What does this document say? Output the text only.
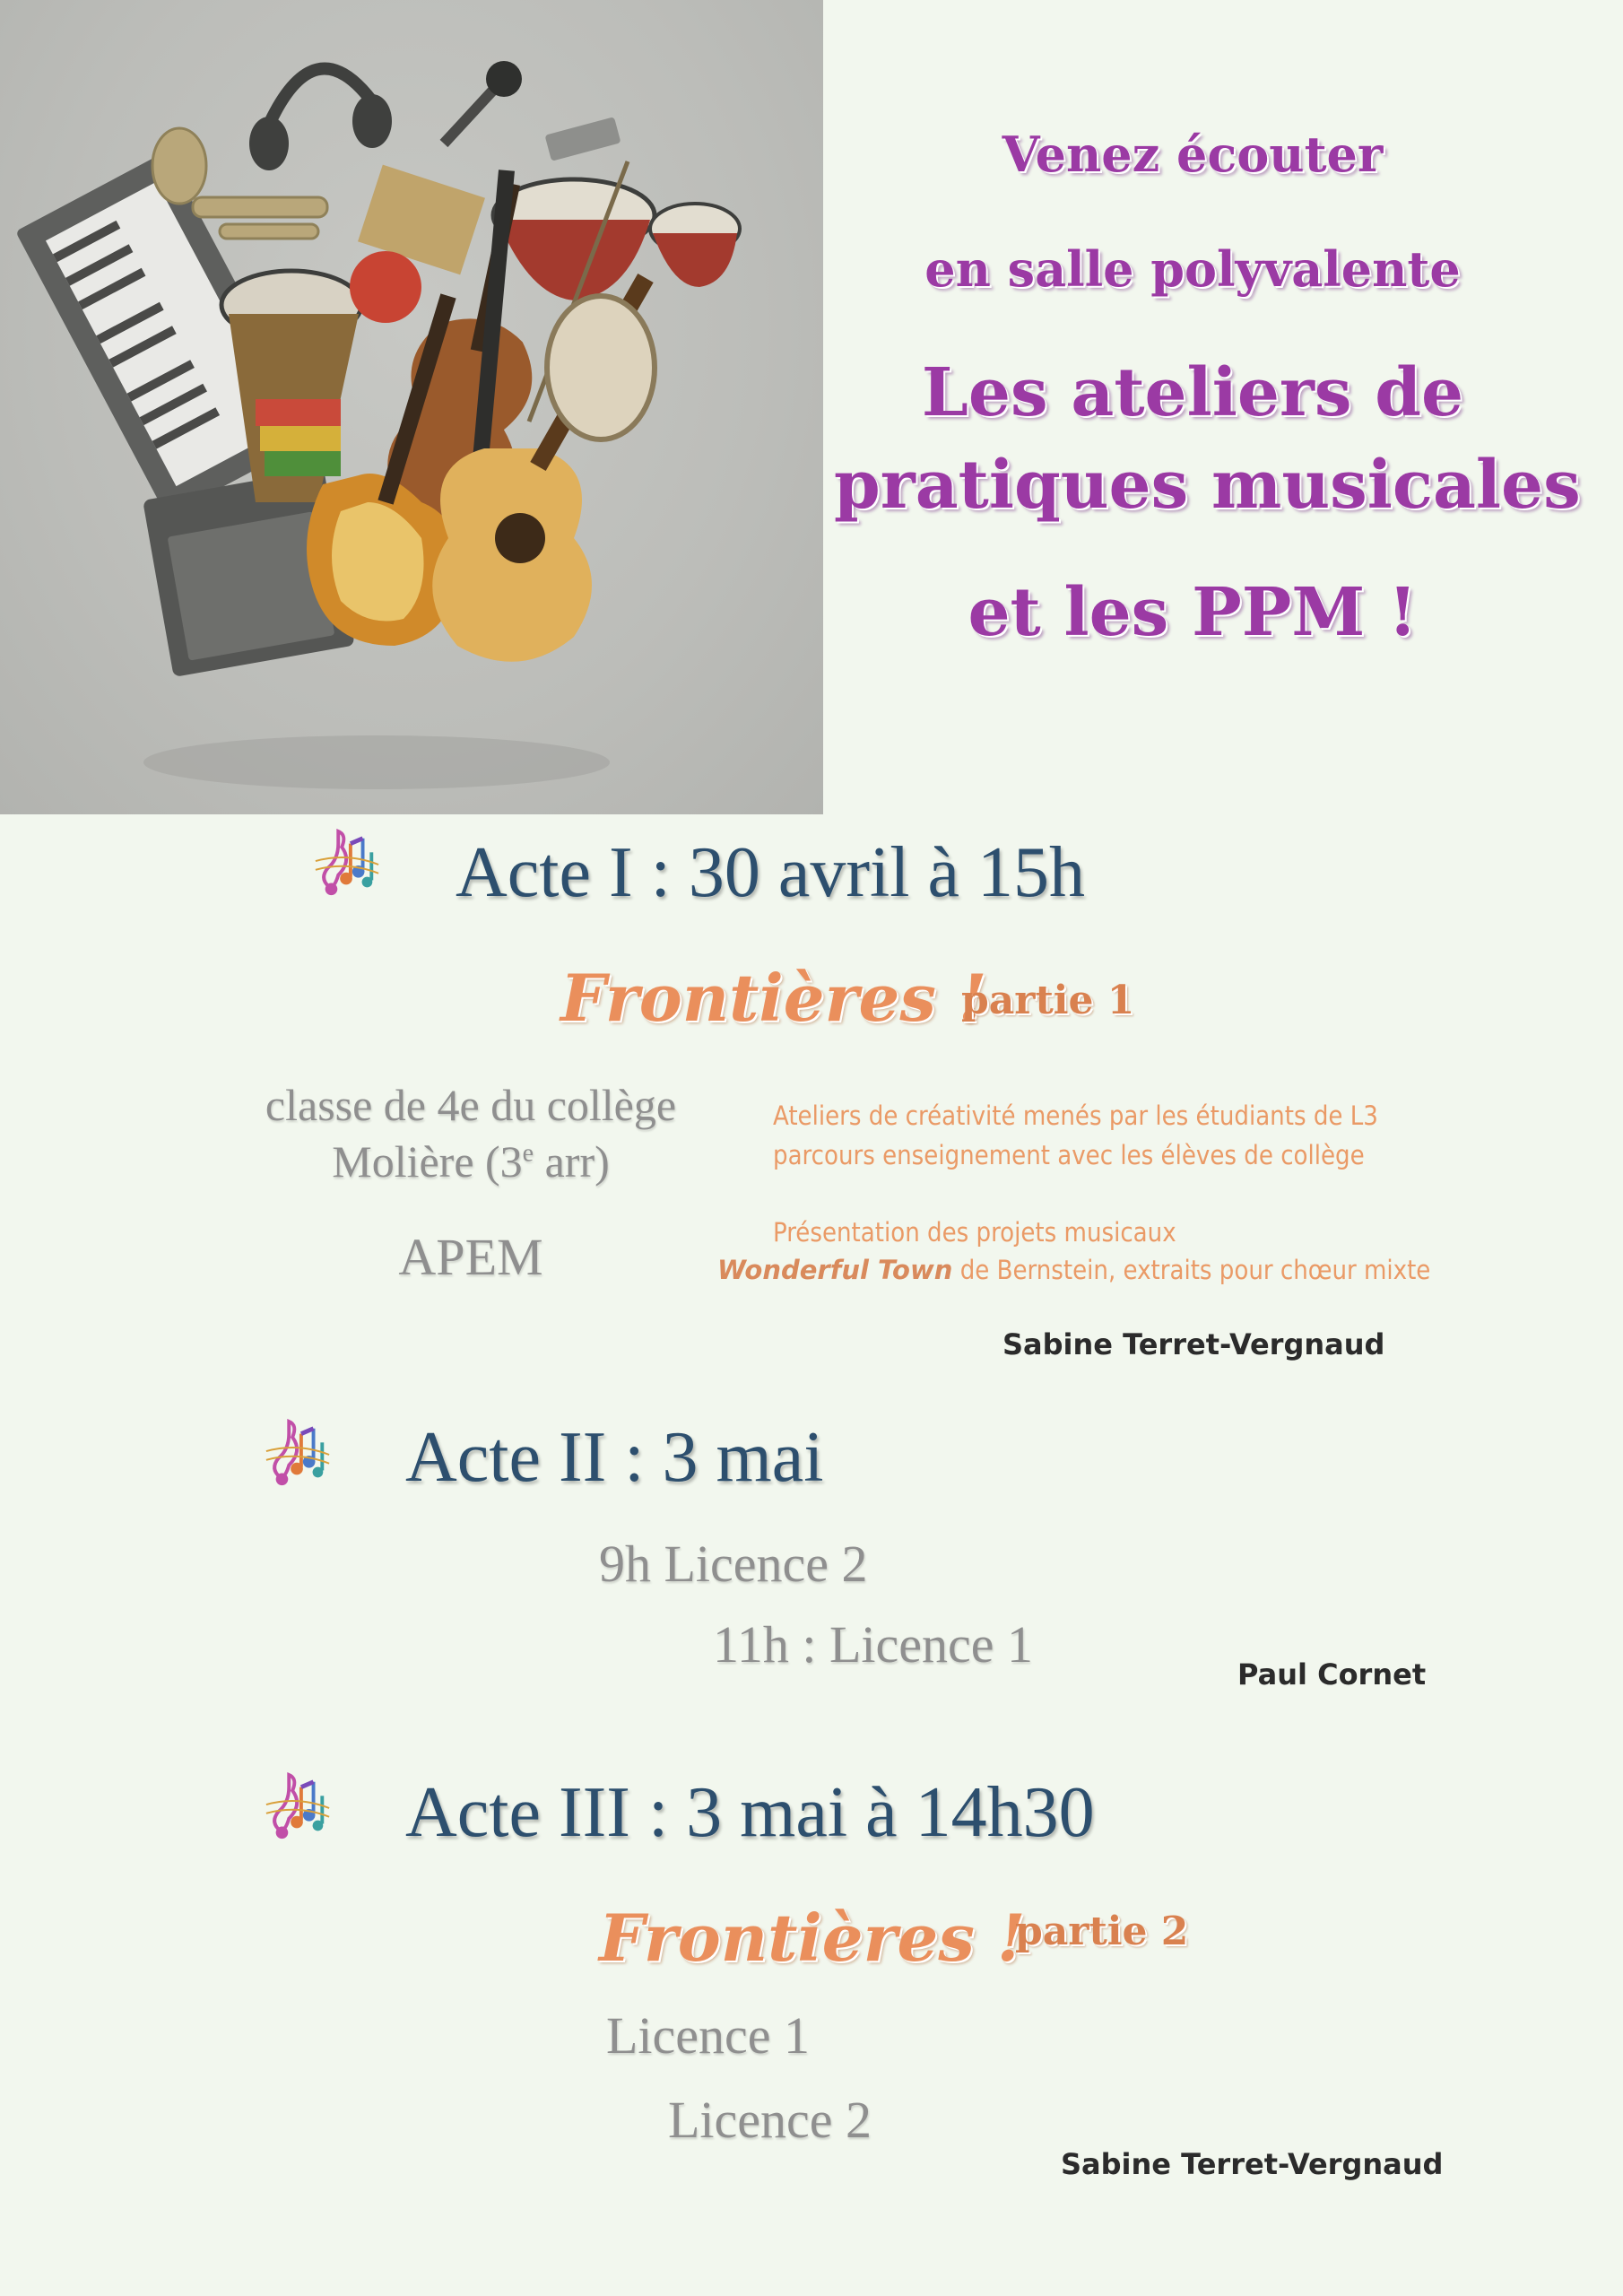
Venez écouter
en salle polyvalente
Les ateliers de
pratiques musicales
et les PPM !
Acte I : 30 avril à 15h
Frontières !
partie 1
classe de 4e du collège
Molière (3e arr)
APEM
Ateliers de créativité menés par les étudiants de L3
parcours enseignement avec les élèves de collège
Présentation des projets musicaux
Wonderful Town de Bernstein, extraits pour chœur mixte
Sabine Terret-Vergnaud
Acte II : 3 mai
9h Licence 2
11h : Licence 1
Paul Cornet
Acte III : 3 mai à 14h30
Frontières !
partie 2
Licence 1
Licence 2
Sabine Terret-Vergnaud
